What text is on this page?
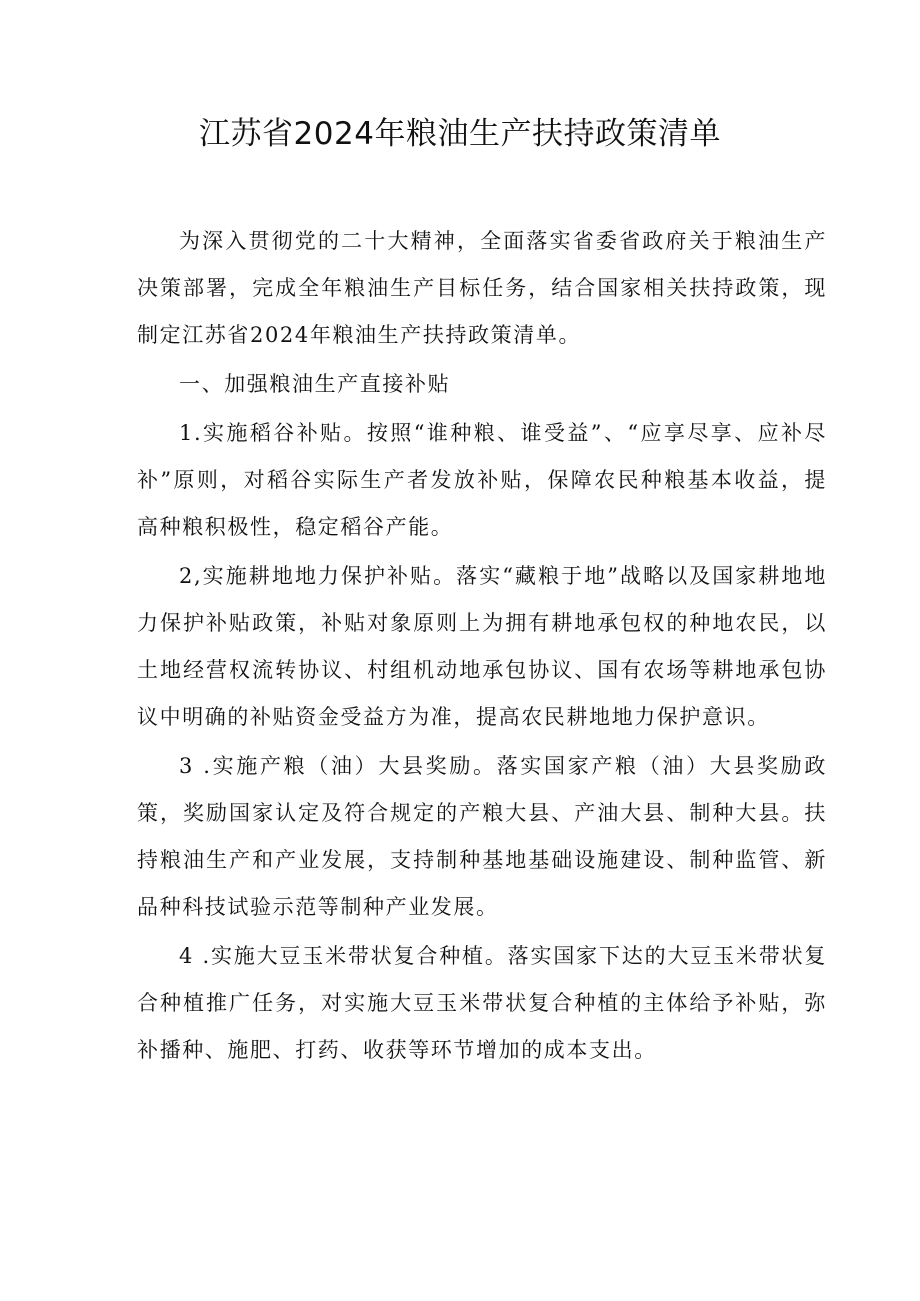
江苏省2024年粮油生产扶持政策清单

为深入贯彻党的二十大精神，全面落实省委省政府关于粮油生产决策部署，完成全年粮油生产目标任务，结合国家相关扶持政策，现制定江苏省2024年粮油生产扶持政策清单。

一、加强粮油生产直接补贴

1.实施稻谷补贴。按照“谁种粮、谁受益”、“应享尽享、应补尽补”原则，对稻谷实际生产者发放补贴，保障农民种粮基本收益，提高种粮积极性，稳定稻谷产能。

2,实施耕地地力保护补贴。落实“藏粮于地”战略以及国家耕地地力保护补贴政策，补贴对象原则上为拥有耕地承包权的种地农民，以土地经营权流转协议、村组机动地承包协议、国有农场等耕地承包协议中明确的补贴资金受益方为准，提高农民耕地地力保护意识。

3 .实施产粮（油）大县奖励。落实国家产粮（油）大县奖励政策，奖励国家认定及符合规定的产粮大县、产油大县、制种大县。扶持粮油生产和产业发展，支持制种基地基础设施建设、制种监管、新品种科技试验示范等制种产业发展。

4 .实施大豆玉米带状复合种植。落实国家下达的大豆玉米带状复合种植推广任务，对实施大豆玉米带状复合种植的主体给予补贴，弥补播种、施肥、打药、收获等环节增加的成本支出。
